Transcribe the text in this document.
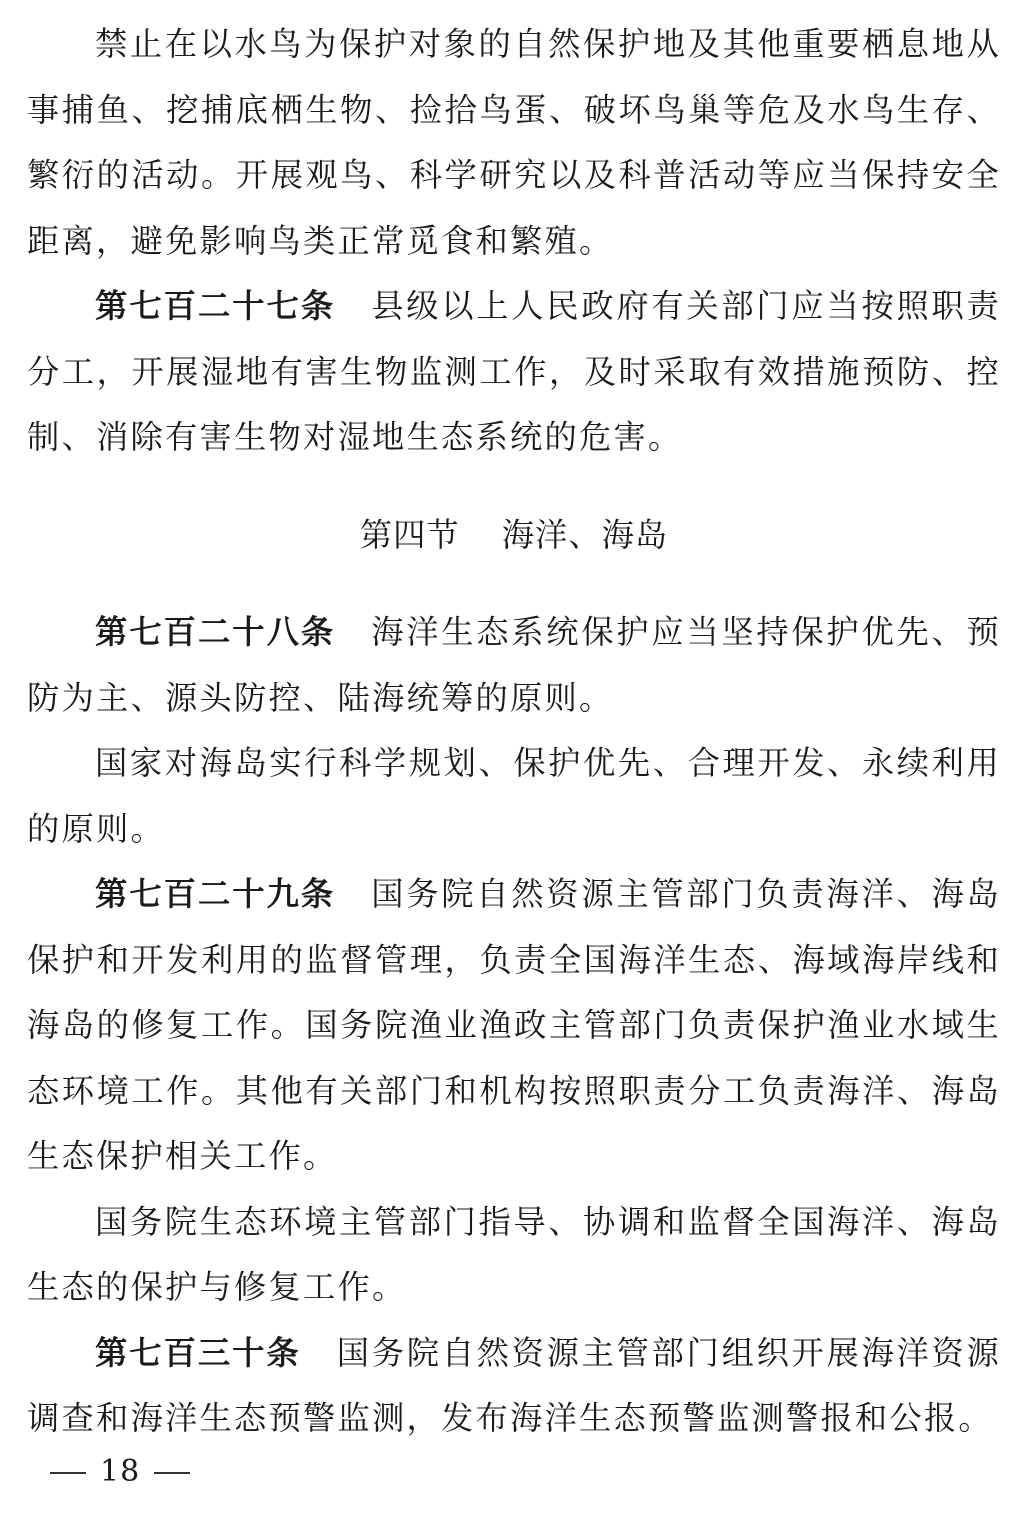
禁止在以水鸟为保护对象的自然保护地及其他重要栖息地从事捕鱼、挖捕底栖生物、捡拾鸟蛋、破坏鸟巢等危及水鸟生存、繁衍的活动。开展观鸟、科学研究以及科普活动等应当保持安全距离，避免影响鸟类正常觅食和繁殖。

第七百二十七条 县级以上人民政府有关部门应当按照职责分工，开展湿地有害生物监测工作，及时采取有效措施预防、控制、消除有害生物对湿地生态系统的危害。

第四节 海洋、海岛

第七百二十八条 海洋生态系统保护应当坚持保护优先、预防为主、源头防控、陆海统筹的原则。

国家对海岛实行科学规划、保护优先、合理开发、永续利用的原则。

第七百二十九条 国务院自然资源主管部门负责海洋、海岛保护和开发利用的监督管理，负责全国海洋生态、海域海岸线和海岛的修复工作。国务院渔业渔政主管部门负责保护渔业水域生态环境工作。其他有关部门和机构按照职责分工负责海洋、海岛生态保护相关工作。

国务院生态环境主管部门指导、协调和监督全国海洋、海岛生态的保护与修复工作。

第七百三十条 国务院自然资源主管部门组织开展海洋资源调查和海洋生态预警监测，发布海洋生态预警监测警报和公报。

18
